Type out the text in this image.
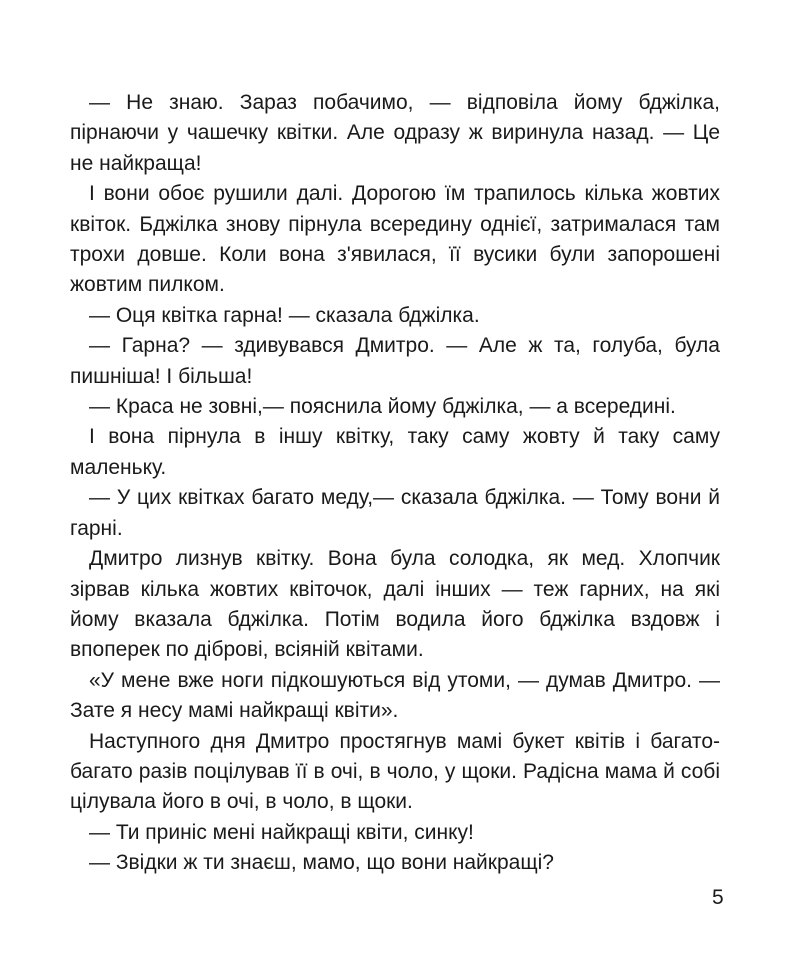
— Не знаю. Зараз побачимо, — відповіла йому бджілка, пірнаючи у чашечку квітки. Але одразу ж виринула назад. — Це не найкраща!

І вони обоє рушили далі. Дорогою їм трапилось кілька жовтих квіток. Бджілка знову пірнула всередину однієї, затрималася там трохи довше. Коли вона з'явилася, її вусики були запорошені жовтим пилком.

— Оця квітка гарна! — сказала бджілка.

— Гарна? — здивувався Дмитро. — Але ж та, голуба, була пишніша! І більша!

— Краса не зовні,— пояснила йому бджілка, — а всередині.

І вона пірнула в іншу квітку, таку саму жовту й таку саму маленьку.

— У цих квітках багато меду,— сказала бджілка. — Тому вони й гарні.

Дмитро лизнув квітку. Вона була солодка, як мед. Хлопчик зірвав кілька жовтих квіточок, далі інших — теж гарних, на які йому вказала бджілка. Потім водила його бджілка вздовж і впоперек по діброві, всіяній квітами.

«У мене вже ноги підкошуються від утоми, — думав Дмитро. — Зате я несу мамі найкращі квіти».

Наступного дня Дмитро простягнув мамі букет квітів і багато-багато разів поцілував її в очі, в чоло, у щоки. Радісна мама й собі цілувала його в очі, в чоло, в щоки.

— Ти приніс мені найкращі квіти, синку!

— Звідки ж ти знаєш, мамо, що вони найкращі?

5
